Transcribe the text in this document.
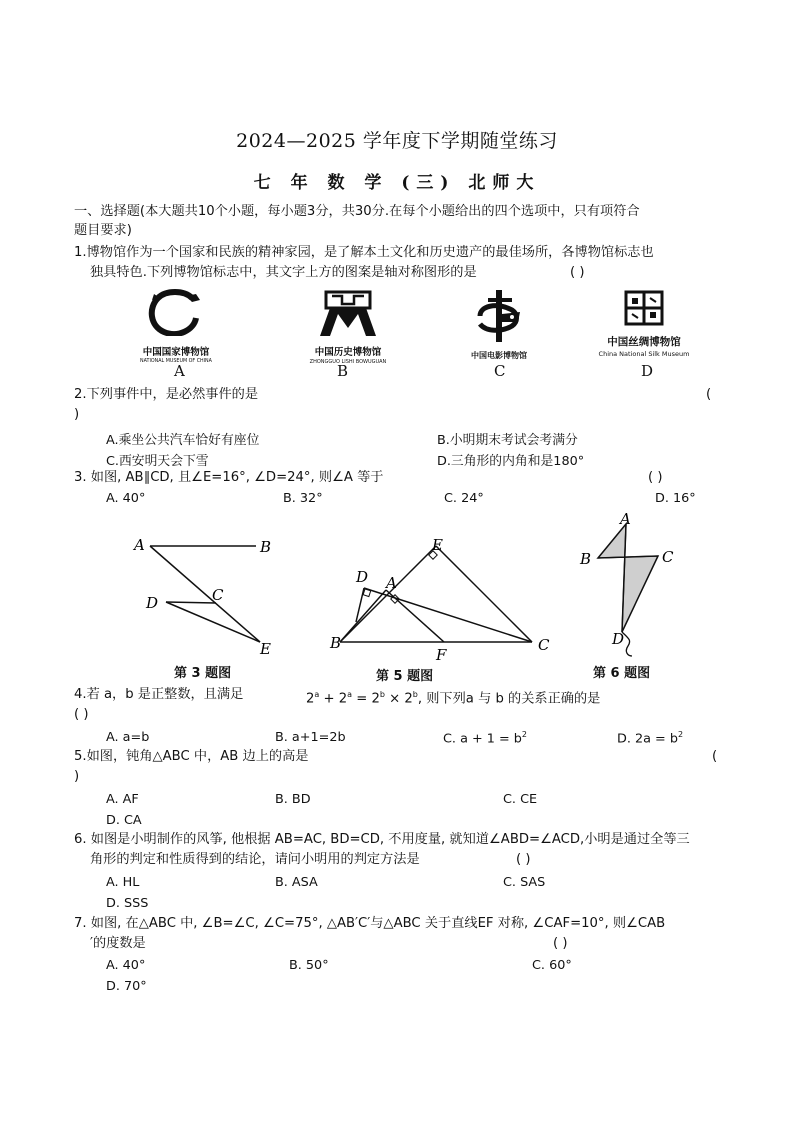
2024—2025 学年度下学期随堂练习
七 年 数 学 (三) 北师大
一、选择题(本大题共10个小题，每小题3分，共30分.在每个小题给出的四个选项中，只有项符合
题目要求)
1.博物馆作为一个国家和民族的精神家园，是了解本土文化和历史遗产的最佳场所，各博物馆标志也
独具特色.下列博物馆标志中，其文字上方的图案是轴对称图形的是	( )
中国国家博物馆
NATIONAL MUSEUM OF CHINA
A
中国历史博物馆
ZHONGGUO LISHI BOWUGUAN
B
中国电影博物馆
C
中国丝绸博物馆
China National Silk Museum
D
2.下列事件中，是必然事件的是	(
)
A.乘坐公共汽车恰好有座位	B.小明期末考试会考满分
C.西安明天会下雪	D.三角形的内角和是180°
3. 如图, AB∥CD, 且∠E=16°, ∠D=24°, 则∠A 等于	( )
A. 40°	B. 32°	C. 24°	D. 16°
A	B
C
D
E
第 3 题图
D A
E
B
F
C
第 5 题图
A
B	C
D
第 6 题图
4.若 a，b 是正整数，且满足	$2^a + 2^a = 2^b \times 2^b$, 则下列a 与 b 的关系正确的是
( )
A. a=b	B. a+1=2b	C. $a + 1 = b^2$	D. $2a = b^2$
5.如图，钝角△ABC 中，AB 边上的高是	(
)
A. AF	B. BD	C. CE
D. CA
6. 如图是小明制作的风筝, 他根据 AB=AC, BD=CD, 不用度量, 就知道∠ABD=∠ACD,小明是通过全等三
角形的判定和性质得到的结论，请问小明用的判定方法是	( )
A. HL	B. ASA	C. SAS
D. SSS
7. 如图, 在△ABC 中, ∠B=∠C, ∠C=75°, △AB′C′与△ABC 关于直线EF 对称, ∠CAF=10°, 则∠CAB
′的度数是	( )
A. 40°	B. 50°	C. 60°
D. 70°
